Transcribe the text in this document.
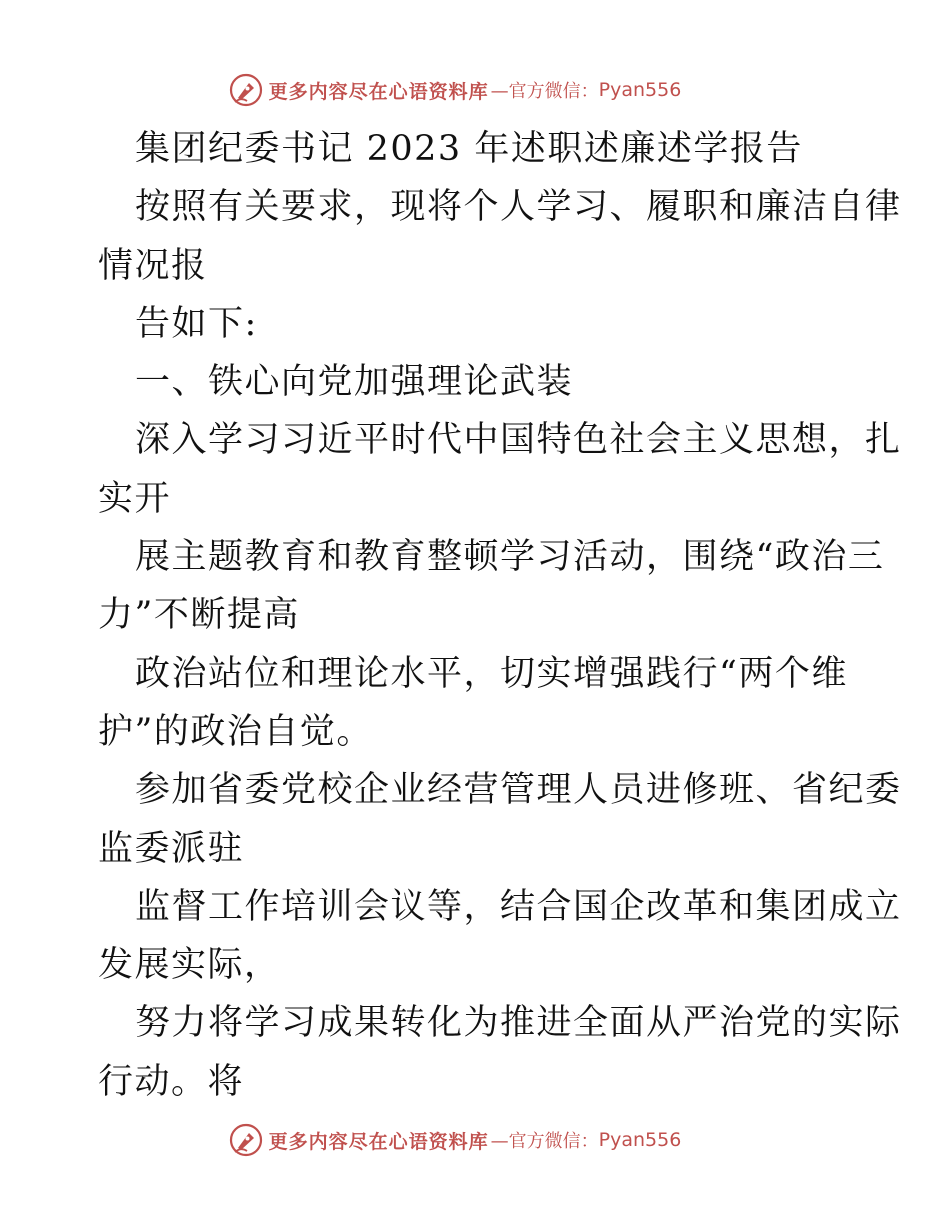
更多内容尽在心语资料库 —官方微信： Pyan556
集团纪委书记 2023 年述职述廉述学报告
按照有关要求，现将个人学习、履职和廉洁自律
情况报
告如下:
一、铁心向党加强理论武装
深入学习习近平时代中国特色社会主义思想，扎
实开
展主题教育和教育整顿学习活动，围绕“政治三
力”不断提高
政治站位和理论水平，切实增强践行“两个维
护”的政治自觉。
参加省委党校企业经营管理人员进修班、省纪委
监委派驻
监督工作培训会议等，结合国企改革和集团成立
发展实际，
努力将学习成果转化为推进全面从严治党的实际
行动。将
更多内容尽在心语资料库 —官方微信： Pyan556
